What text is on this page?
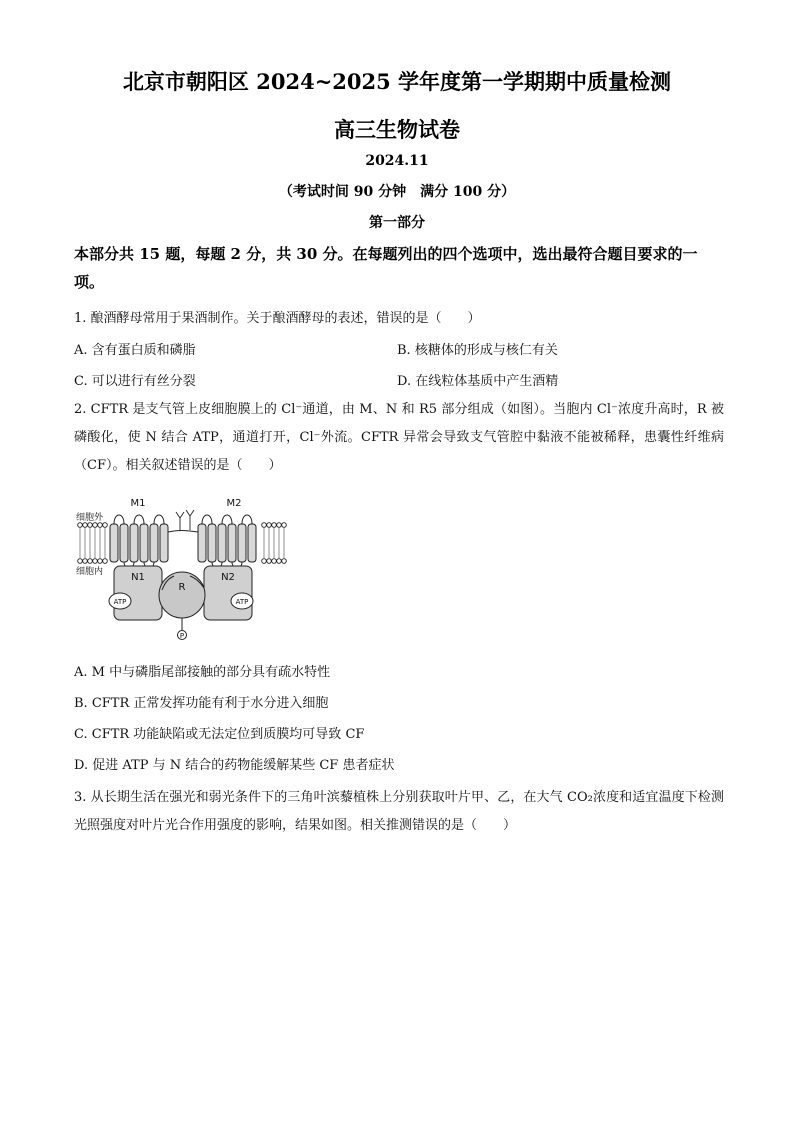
北京市朝阳区 2024~2025 学年度第一学期期中质量检测
高三生物试卷
2024.11
（考试时间 90 分钟　满分 100 分）
第一部分
本部分共 15 题，每题 2 分，共 30 分。在每题列出的四个选项中，选出最符合题目要求的一项。
1. 酿酒酵母常用于果酒制作。关于酿酒酵母的表述，错误的是（　　）
A. 含有蛋白质和磷脂	B. 核糖体的形成与核仁有关
C. 可以进行有丝分裂	D. 在线粒体基质中产生酒精
2. CFTR 是支气管上皮细胞膜上的 Cl⁻通道，由 M、N 和 R5 部分组成（如图）。当胞内 Cl⁻浓度升高时，R 被磷酸化，使 N 结合 ATP，通道打开，Cl⁻外流。CFTR 异常会导致支气管腔中黏液不能被稀释，患囊性纤维病（CF）。相关叙述错误的是（　　）
M1	M2
细胞外
细胞内	N1	N2
R
ATP	ATP
P
A. M 中与磷脂尾部接触的部分具有疏水特性
B. CFTR 正常发挥功能有利于水分进入细胞
C. CFTR 功能缺陷或无法定位到质膜均可导致 CF
D. 促进 ATP 与 N 结合的药物能缓解某些 CF 患者症状
3. 从长期生活在强光和弱光条件下的三角叶滨藜植株上分别获取叶片甲、乙，在大气 CO₂浓度和适宜温度下检测光照强度对叶片光合作用强度的影响，结果如图。相关推测错误的是（　　）
